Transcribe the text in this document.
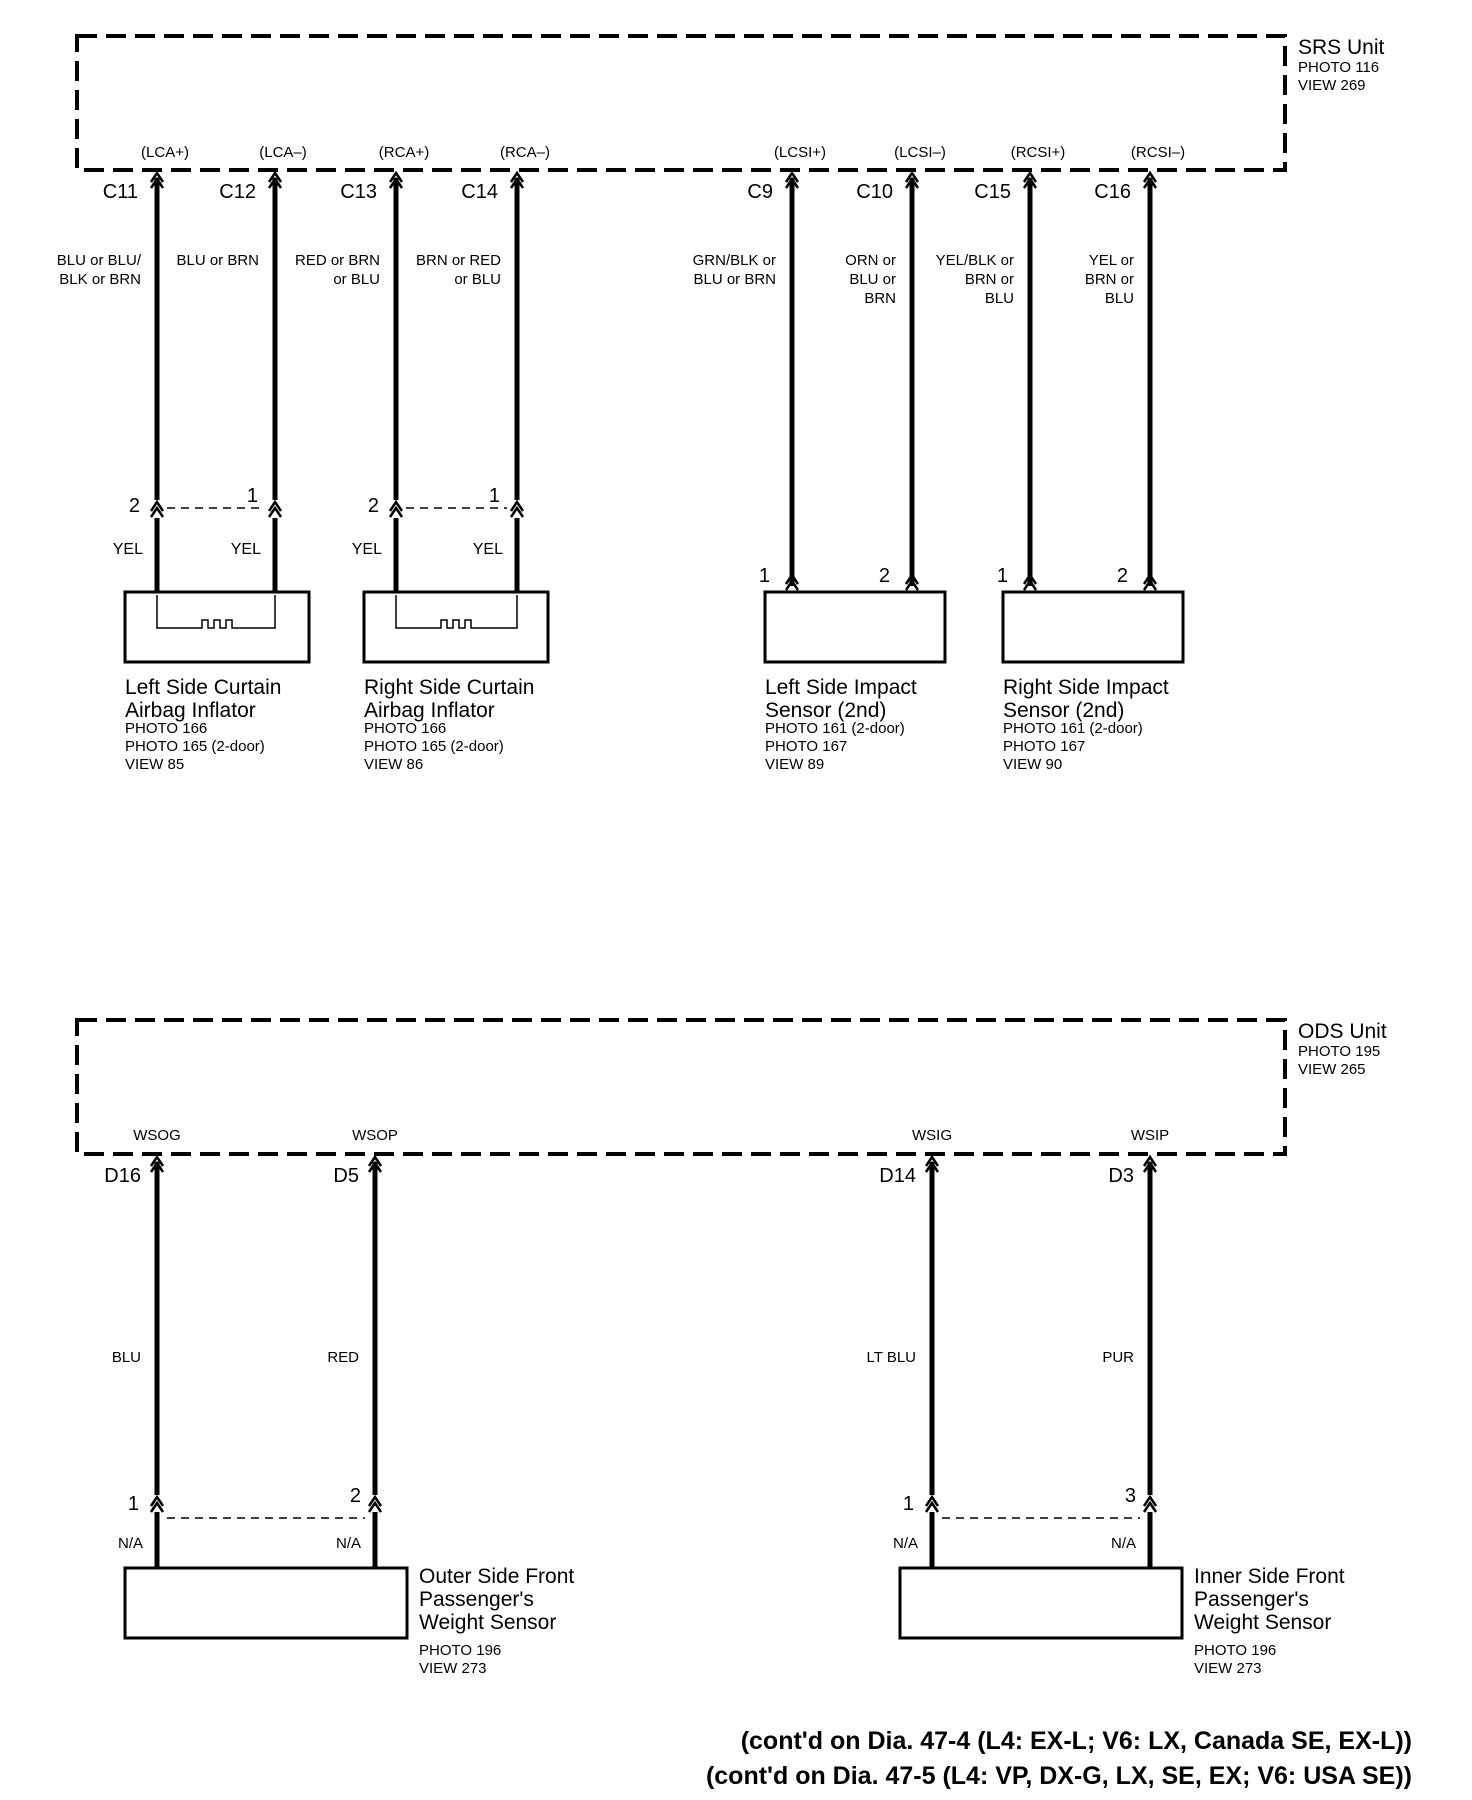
SRS Unit
PHOTO 116
VIEW 269
(LCA+)
C11
BLU or BLU/
BLK or BRN
(LCA–)
C12
BLU or BRN
(RCA+)
C13
RED or BRN
or BLU
(RCA–)
C14
BRN or RED
or BLU
(LCSI+)
C9
GRN/BLK or
BLU or BRN
(LCSI–)
C10
ORN or
BLU or
BRN
(RCSI+)
C15
YEL/BLK or
BRN or
BLU
(RCSI–)
C16
YEL or
BRN or
BLU
2	1
YEL	YEL
Left Side Curtain
Airbag Inflator
PHOTO 166
PHOTO 165 (2-door)
VIEW 85
2	1
YEL	YEL
Right Side Curtain
Airbag Inflator
PHOTO 166
PHOTO 165 (2-door)
VIEW 86
1	2
Left Side Impact
Sensor (2nd)
PHOTO 161 (2-door)
PHOTO 167
VIEW 89
1	2
Right Side Impact
Sensor (2nd)
PHOTO 161 (2-door)
PHOTO 167
VIEW 90
ODS Unit
PHOTO 195
VIEW 265
WSOG
D16
BLU
WSOP
D5
RED
WSIG
D14
LT BLU
WSIP
D3
PUR
1	2
N/A	N/A
Outer Side Front
Passenger's
Weight Sensor
PHOTO 196
VIEW 273
1	3
N/A	N/A
Inner Side Front
Passenger's
Weight Sensor
PHOTO 196
VIEW 273
(cont'd on Dia. 47-4 (L4: EX-L; V6: LX, Canada SE, EX-L))
(cont'd on Dia. 47-5 (L4: VP, DX-G, LX, SE, EX; V6: USA SE))
